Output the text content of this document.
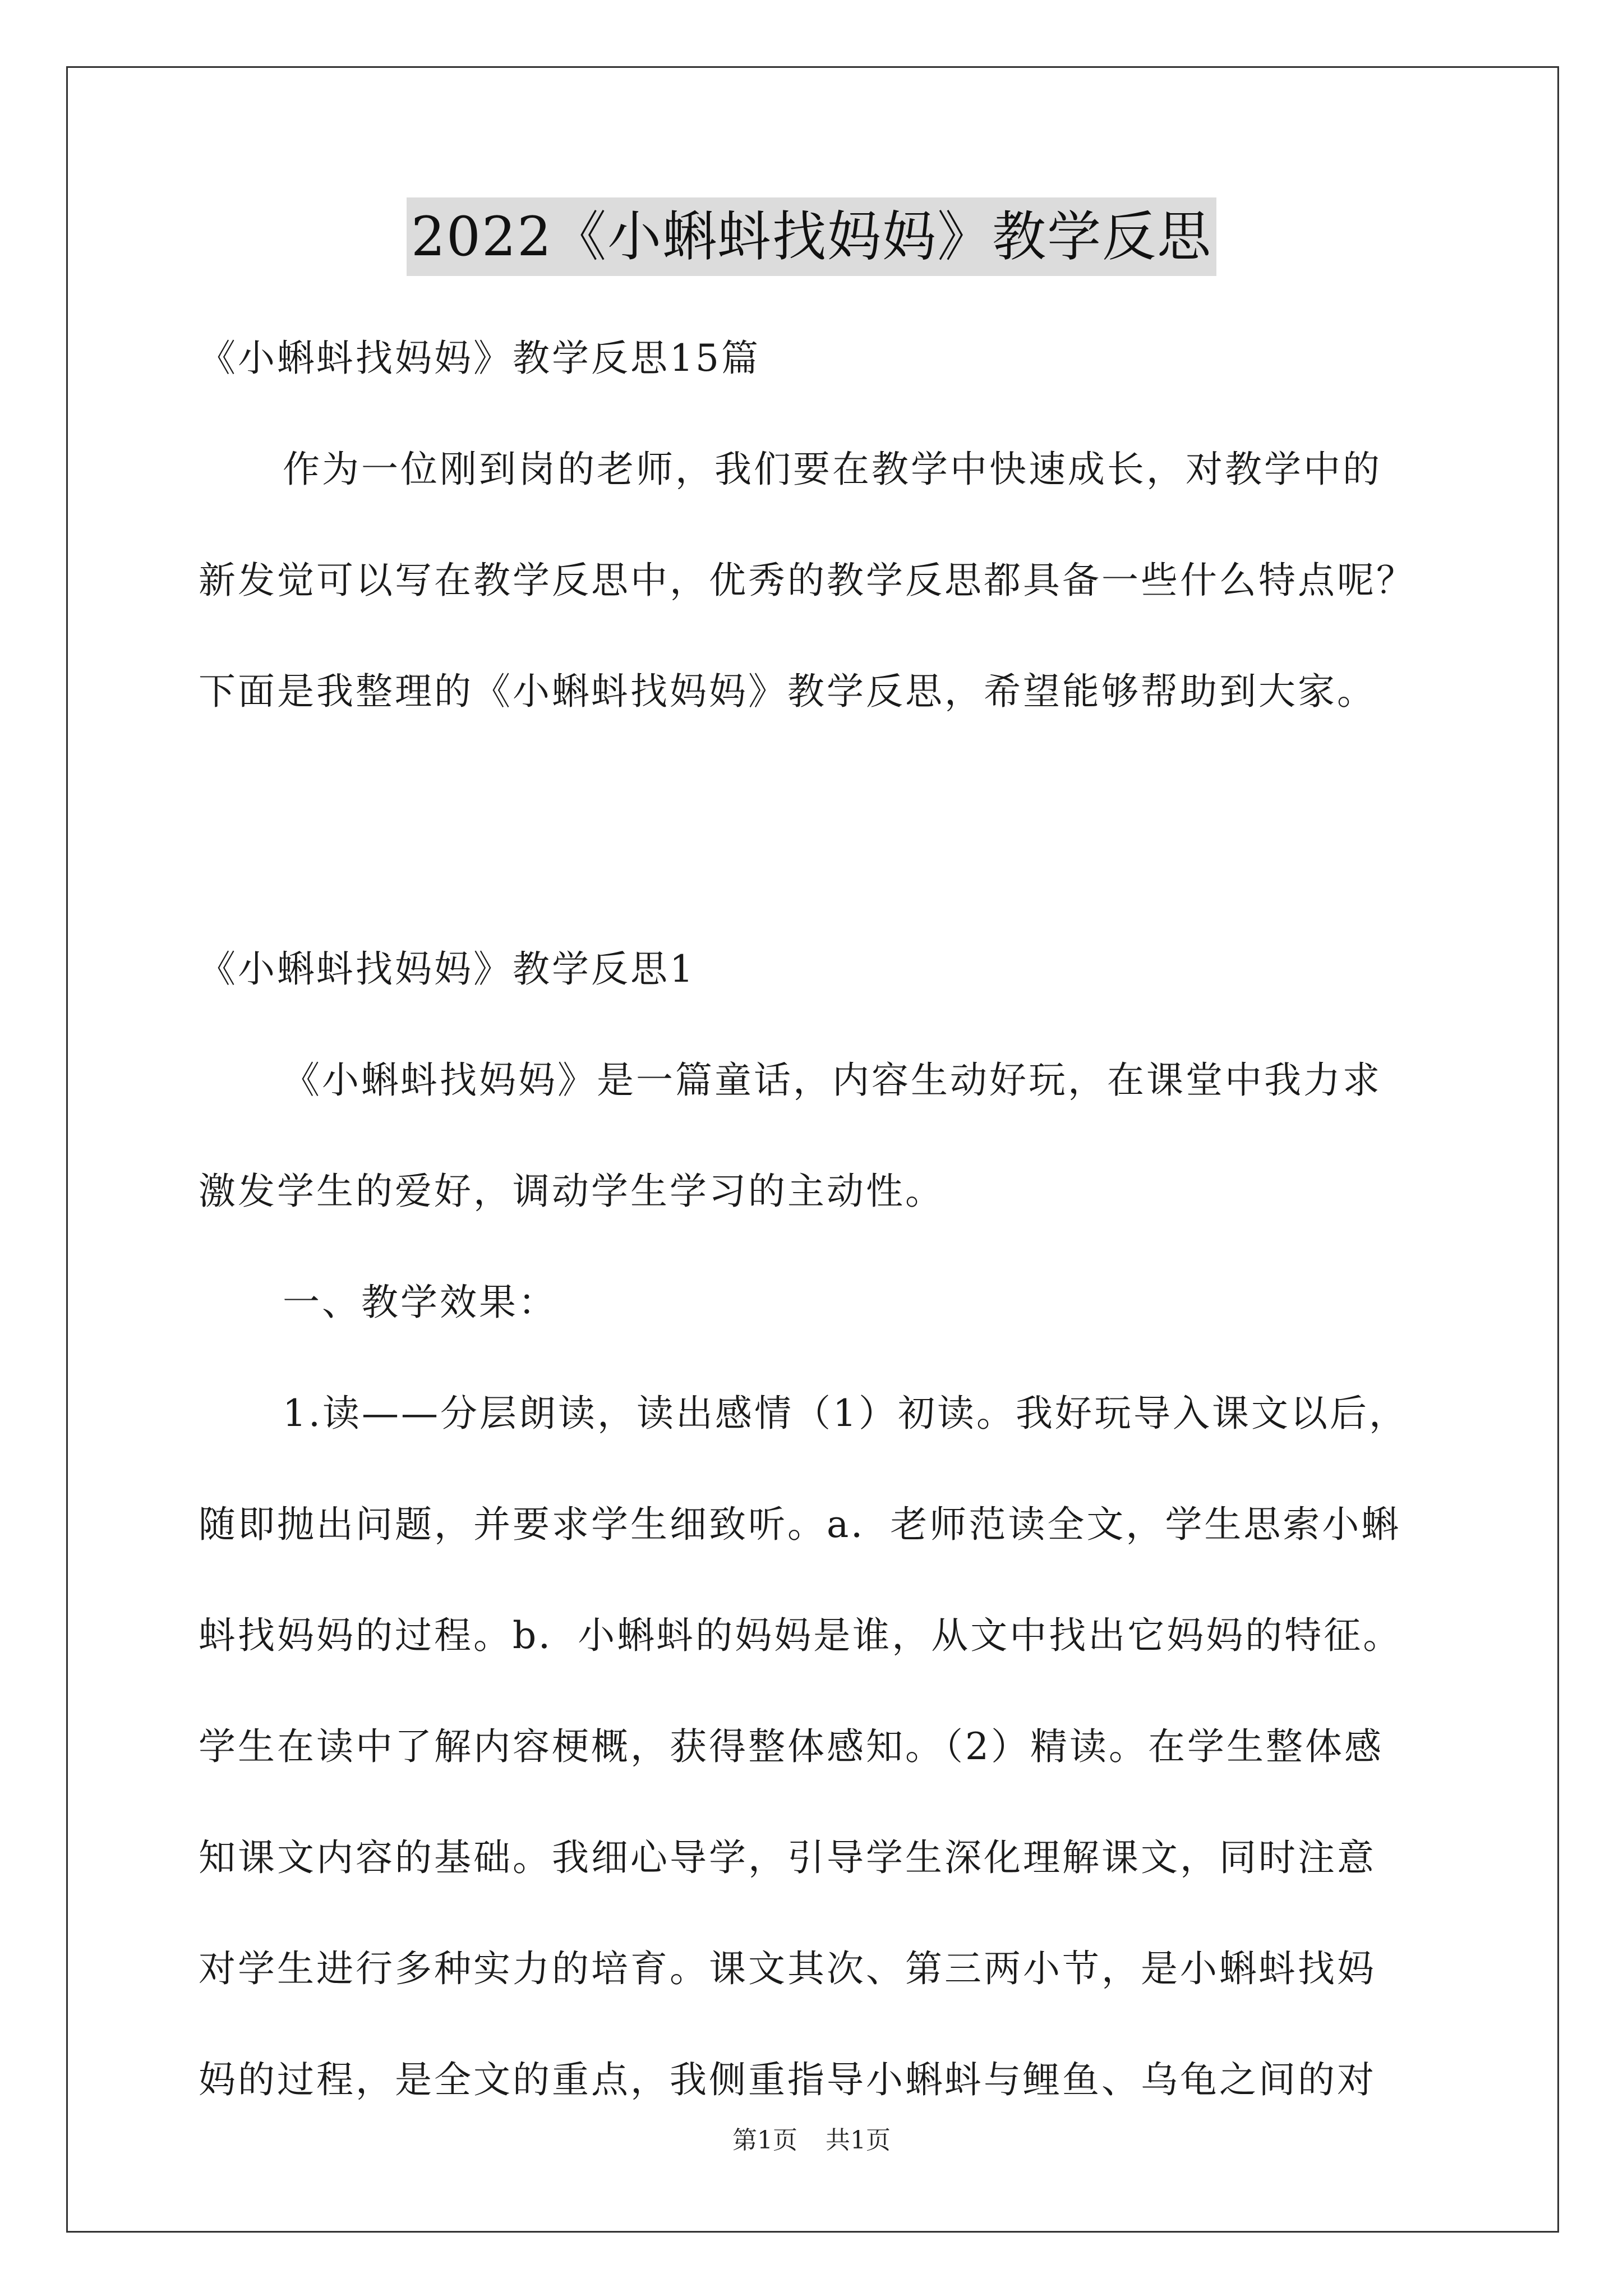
2022《小蝌蚪找妈妈》教学反思
《小蝌蚪找妈妈》教学反思15篇
作为一位刚到岗的老师，我们要在教学中快速成长，对教学中的
新发觉可以写在教学反思中，优秀的教学反思都具备一些什么特点呢？
下面是我整理的《小蝌蚪找妈妈》教学反思，希望能够帮助到大家。
《小蝌蚪找妈妈》教学反思1
《小蝌蚪找妈妈》是一篇童话，内容生动好玩，在课堂中我力求
激发学生的爱好，调动学生学习的主动性。
一、教学效果：
1.读——分层朗读，读出感情（1）初读。我好玩导入课文以后，
随即抛出问题，并要求学生细致听。a．老师范读全文，学生思索小蝌
蚪找妈妈的过程。b．小蝌蚪的妈妈是谁，从文中找出它妈妈的特征。
学生在读中了解内容梗概，获得整体感知。（2）精读。在学生整体感
知课文内容的基础。我细心导学，引导学生深化理解课文，同时注意
对学生进行多种实力的培育。课文其次、第三两小节，是小蝌蚪找妈
妈的过程，是全文的重点，我侧重指导小蝌蚪与鲤鱼、乌龟之间的对
第1页 共1页
